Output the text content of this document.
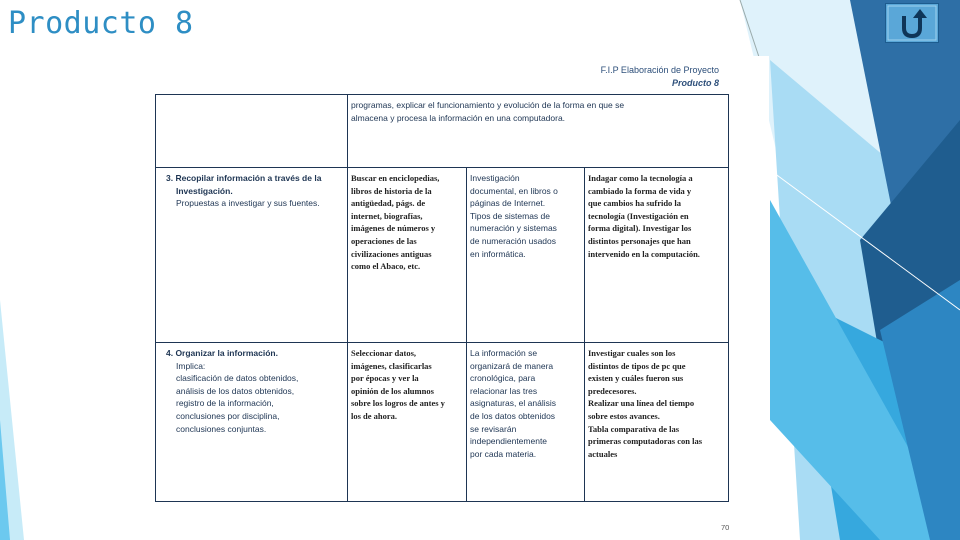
Producto 8
F.I.P Elaboración de Proyecto
Producto 8
programas, explicar el funcionamiento y evolución de la forma en que se
almacena y procesa la información en una computadora.
3. Recopilar información a través de la
Investigación.
Propuestas a investigar y sus fuentes.
Buscar en enciclopedias,
libros de historia de la
antigüedad, págs. de
internet, biografías,
imágenes de números y
operaciones de las
civilizaciones antiguas
como el Abaco, etc.
Investigación
documental, en libros o
páginas de Internet.
Tipos de sistemas de
numeración y sistemas
de numeración usados
en informática.
Indagar como la tecnología a
cambiado la forma de vida y
que cambios ha sufrido la
tecnología (Investigación en
forma digital). Investigar los
distintos personajes que han
intervenido en la computación.
4. Organizar la información.
Implica:
clasificación de datos obtenidos,
análisis de los datos obtenidos,
registro de la información,
conclusiones por disciplina,
conclusiones conjuntas.
Seleccionar datos,
imágenes, clasificarlas
por épocas y ver la
opinión de los alumnos
sobre los logros de antes y
los de ahora.
La información se
organizará de manera
cronológica, para
relacionar las tres
asignaturas, el análisis
de los datos obtenidos
se revisarán
independientemente
por cada materia.
Investigar cuales son los
distintos de tipos de pc que
existen y cuáles fueron sus
predecesores.
Realizar una línea del tiempo
sobre estos avances.
Tabla comparativa de las
primeras computadoras con las
actuales
70
